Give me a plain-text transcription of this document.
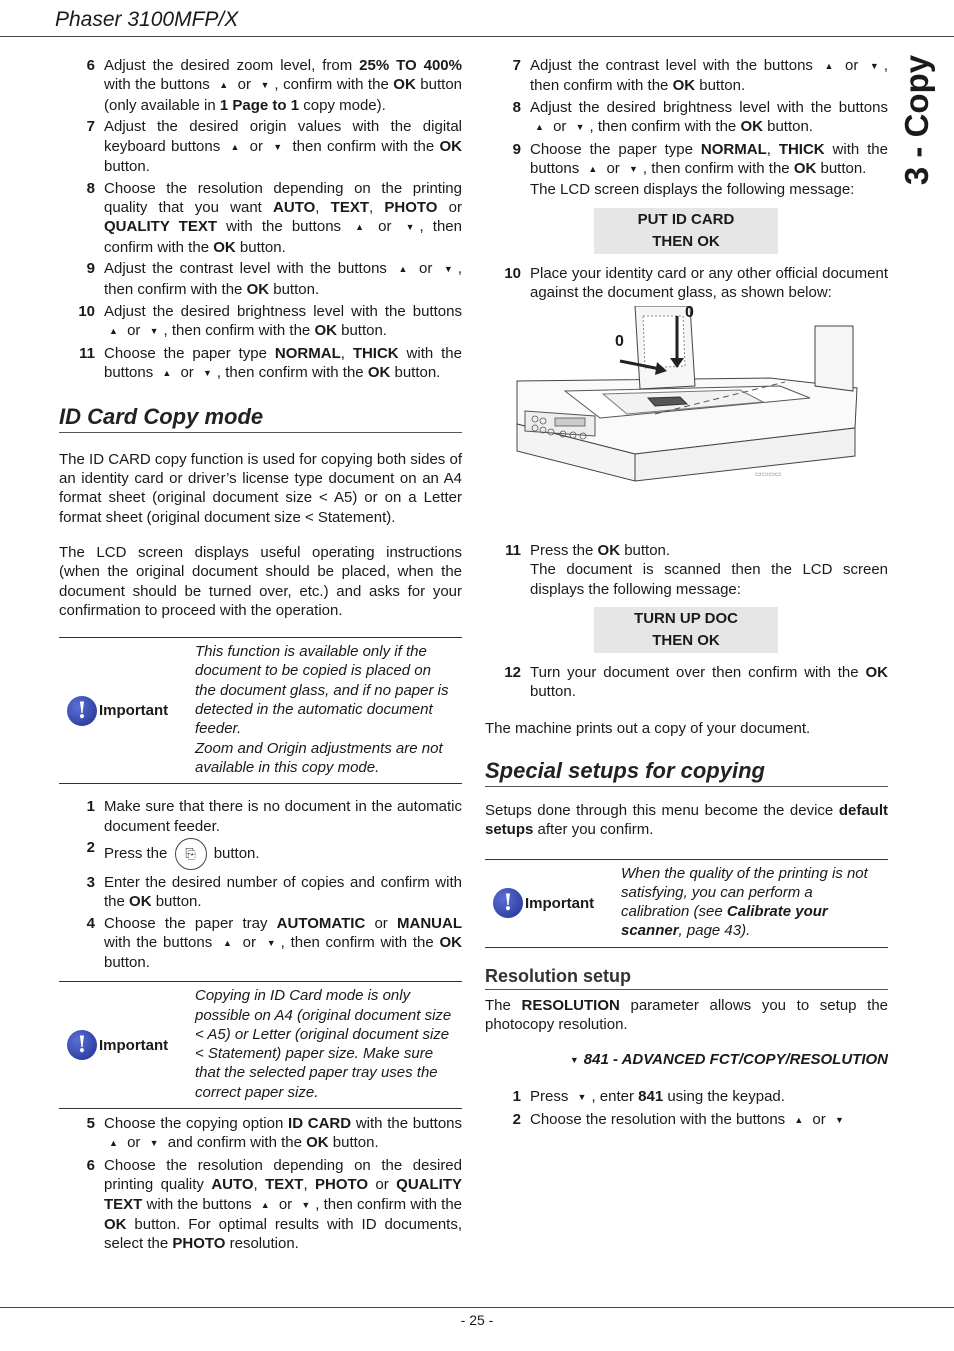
Phaser 3100MFP/X
3 - Copy
6 Adjust the desired zoom level, from 25% TO 400% with the buttons ▲ or ▼ , confirm with the OK button (only available in 1 Page to 1 copy mode).
7 Adjust the desired origin values with the digital keyboard buttons ▲ or ▼ then confirm with the OK button.
8 Choose the resolution depending on the printing quality that you want AUTO, TEXT, PHOTO or QUALITY TEXT with the buttons ▲ or ▼ , then confirm with the OK button.
9 Adjust the contrast level with the buttons ▲ or ▼ , then confirm with the OK button.
10 Adjust the desired brightness level with the buttons ▲ or ▼ , then confirm with the OK button.
11 Choose the paper type NORMAL, THICK with the buttons ▲ or ▼ , then confirm with the OK button.
ID Card Copy mode
The ID CARD copy function is used for copying both sides of an identity card or driver’s license type document on an A4 format sheet (original document size < A5) or on a Letter format sheet (original document size < Statement).
The LCD screen displays useful operating instructions (when the original document should be placed, when the document should be turned over, etc.) and asks for your confirmation to proceed with the operation.
! Important
This function is available only if the document to be copied is placed on the document glass, and if no paper is detected in the automatic document feeder.
Zoom and Origin adjustments are not available in this copy mode.
1 Make sure that there is no document in the automatic document feeder.
2 Press the ⎘ button.
3 Enter the desired number of copies and confirm with the OK button.
4 Choose the paper tray AUTOMATIC or MANUAL with the buttons ▲ or ▼ , then confirm with the OK button.
! Important
Copying in ID Card mode is only possible on A4 (original document size < A5) or Letter (original document size < Statement) paper size. Make sure that the selected paper tray uses the correct paper size.
5 Choose the copying option ID CARD with the buttons ▲ or ▼ and confirm with the OK button.
6 Choose the resolution depending on the desired printing quality AUTO, TEXT, PHOTO or QUALITY TEXT with the buttons ▲ or ▼ , then confirm with the OK button. For optimal results with ID documents, select the PHOTO resolution.
7 Adjust the contrast level with the buttons ▲ or ▼ , then confirm with the OK button.
8 Adjust the desired brightness level with the buttons ▲ or ▼ , then confirm with the OK button.
9 Choose the paper type NORMAL, THICK with the buttons ▲ or ▼ , then confirm with the OK button.
The LCD screen displays the following message:
PUT ID CARD
THEN OK
10 Place your identity card or any other official document against the document glass, as shown below:
▭▭▭▭
0
0
11 Press the OK button.
The document is scanned then the LCD screen displays the following message:
TURN UP DOC
THEN OK
12 Turn your document over then confirm with the OK button.
The machine prints out a copy of your document.
Special setups for copying
Setups done through this menu become the device default setups after you confirm.
! Important
When the quality of the printing is not satisfying, you can perform a calibration (see Calibrate your scanner, page 43).
Resolution setup
The RESOLUTION parameter allows you to setup the photocopy resolution.
▼ 841 - ADVANCED FCT/COPY/RESOLUTION
1 Press ▼ , enter 841 using the keypad.
2 Choose the resolution with the buttons ▲ or ▼
- 25 -
